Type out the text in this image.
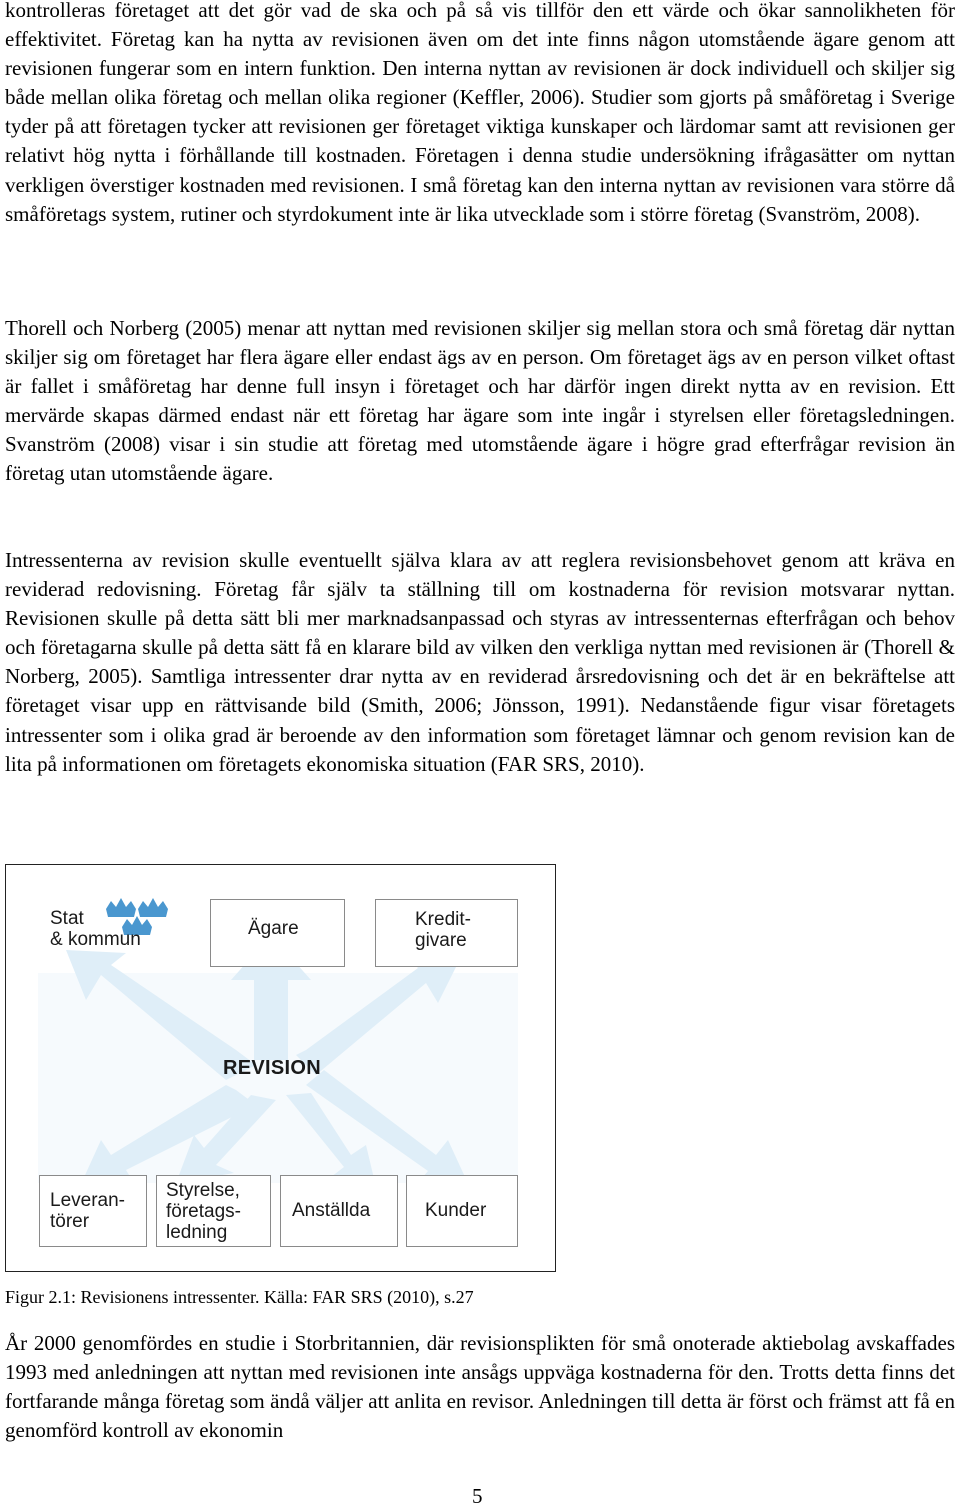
kontrolleras företaget att det gör vad de ska och på så vis tillför den ett värde och ökar sannolikheten för effektivitet. Företag kan ha nytta av revisionen även om det inte finns någon utomstående ägare genom att revisionen fungerar som en intern funktion. Den interna nyttan av revisionen är dock individuell och skiljer sig både mellan olika företag och mellan olika regioner (Keffler, 2006). Studier som gjorts på småföretag i Sverige tyder på att företagen tycker att revisionen ger företaget viktiga kunskaper och lärdomar samt att revisionen ger relativt hög nytta i förhållande till kostnaden. Företagen i denna studie undersökning ifrågasätter om nyttan verkligen överstiger kostnaden med revisionen. I små företag kan den interna nyttan av revisionen vara större då småföretags system, rutiner och styrdokument inte är lika utvecklade som i större företag (Svanström, 2008).

Thorell och Norberg (2005) menar att nyttan med revisionen skiljer sig mellan stora och små företag där nyttan skiljer sig om företaget har flera ägare eller endast ägs av en person. Om företaget ägs av en person vilket oftast är fallet i småföretag har denne full insyn i företaget och har därför ingen direkt nytta av en revision. Ett mervärde skapas därmed endast när ett företag har ägare som inte ingår i styrelsen eller företagsledningen. Svanström (2008) visar i sin studie att företag med utomstående ägare i högre grad efterfrågar revision än företag utan utomstående ägare.

Intressenterna av revision skulle eventuellt själva klara av att reglera revisionsbehovet genom att kräva en reviderad redovisning. Företag får själv ta ställning till om kostnaderna för revision motsvarar nyttan. Revisionen skulle på detta sätt bli mer marknadsanpassad och styras av intressenternas efterfrågan och behov och företagarna skulle på detta sätt få en klarare bild av vilken den verkliga nyttan med revisionen är (Thorell & Norberg, 2005). Samtliga intressenter drar nytta av en reviderad årsredovisning och det är en bekräftelse att företaget visar upp en rättvisande bild (Smith, 2006; Jönsson, 1991). Nedanstående figur visar företagets intressenter som i olika grad är beroende av den information som företaget lämnar och genom revision kan de lita på informationen om företagets ekonomiska situation (FAR SRS, 2010).

Stat
& kommun
Ägare	Kredit-
givare
REVISION
Leveran-
törer
Styrelse,
företags-
ledning
Anställda	Kunder

Figur 2.1: Revisionens intressenter. Källa: FAR SRS (2010), s.27

År 2000 genomfördes en studie i Storbritannien, där revisionsplikten för små onoterade aktiebolag avskaffades 1993 med anledningen att nyttan med revisionen inte ansågs uppväga kostnaderna för den. Trotts detta finns det fortfarande många företag som ändå väljer att anlita en revisor. Anledningen till detta är först och främst att få en genomförd kontroll av ekonomin

5
